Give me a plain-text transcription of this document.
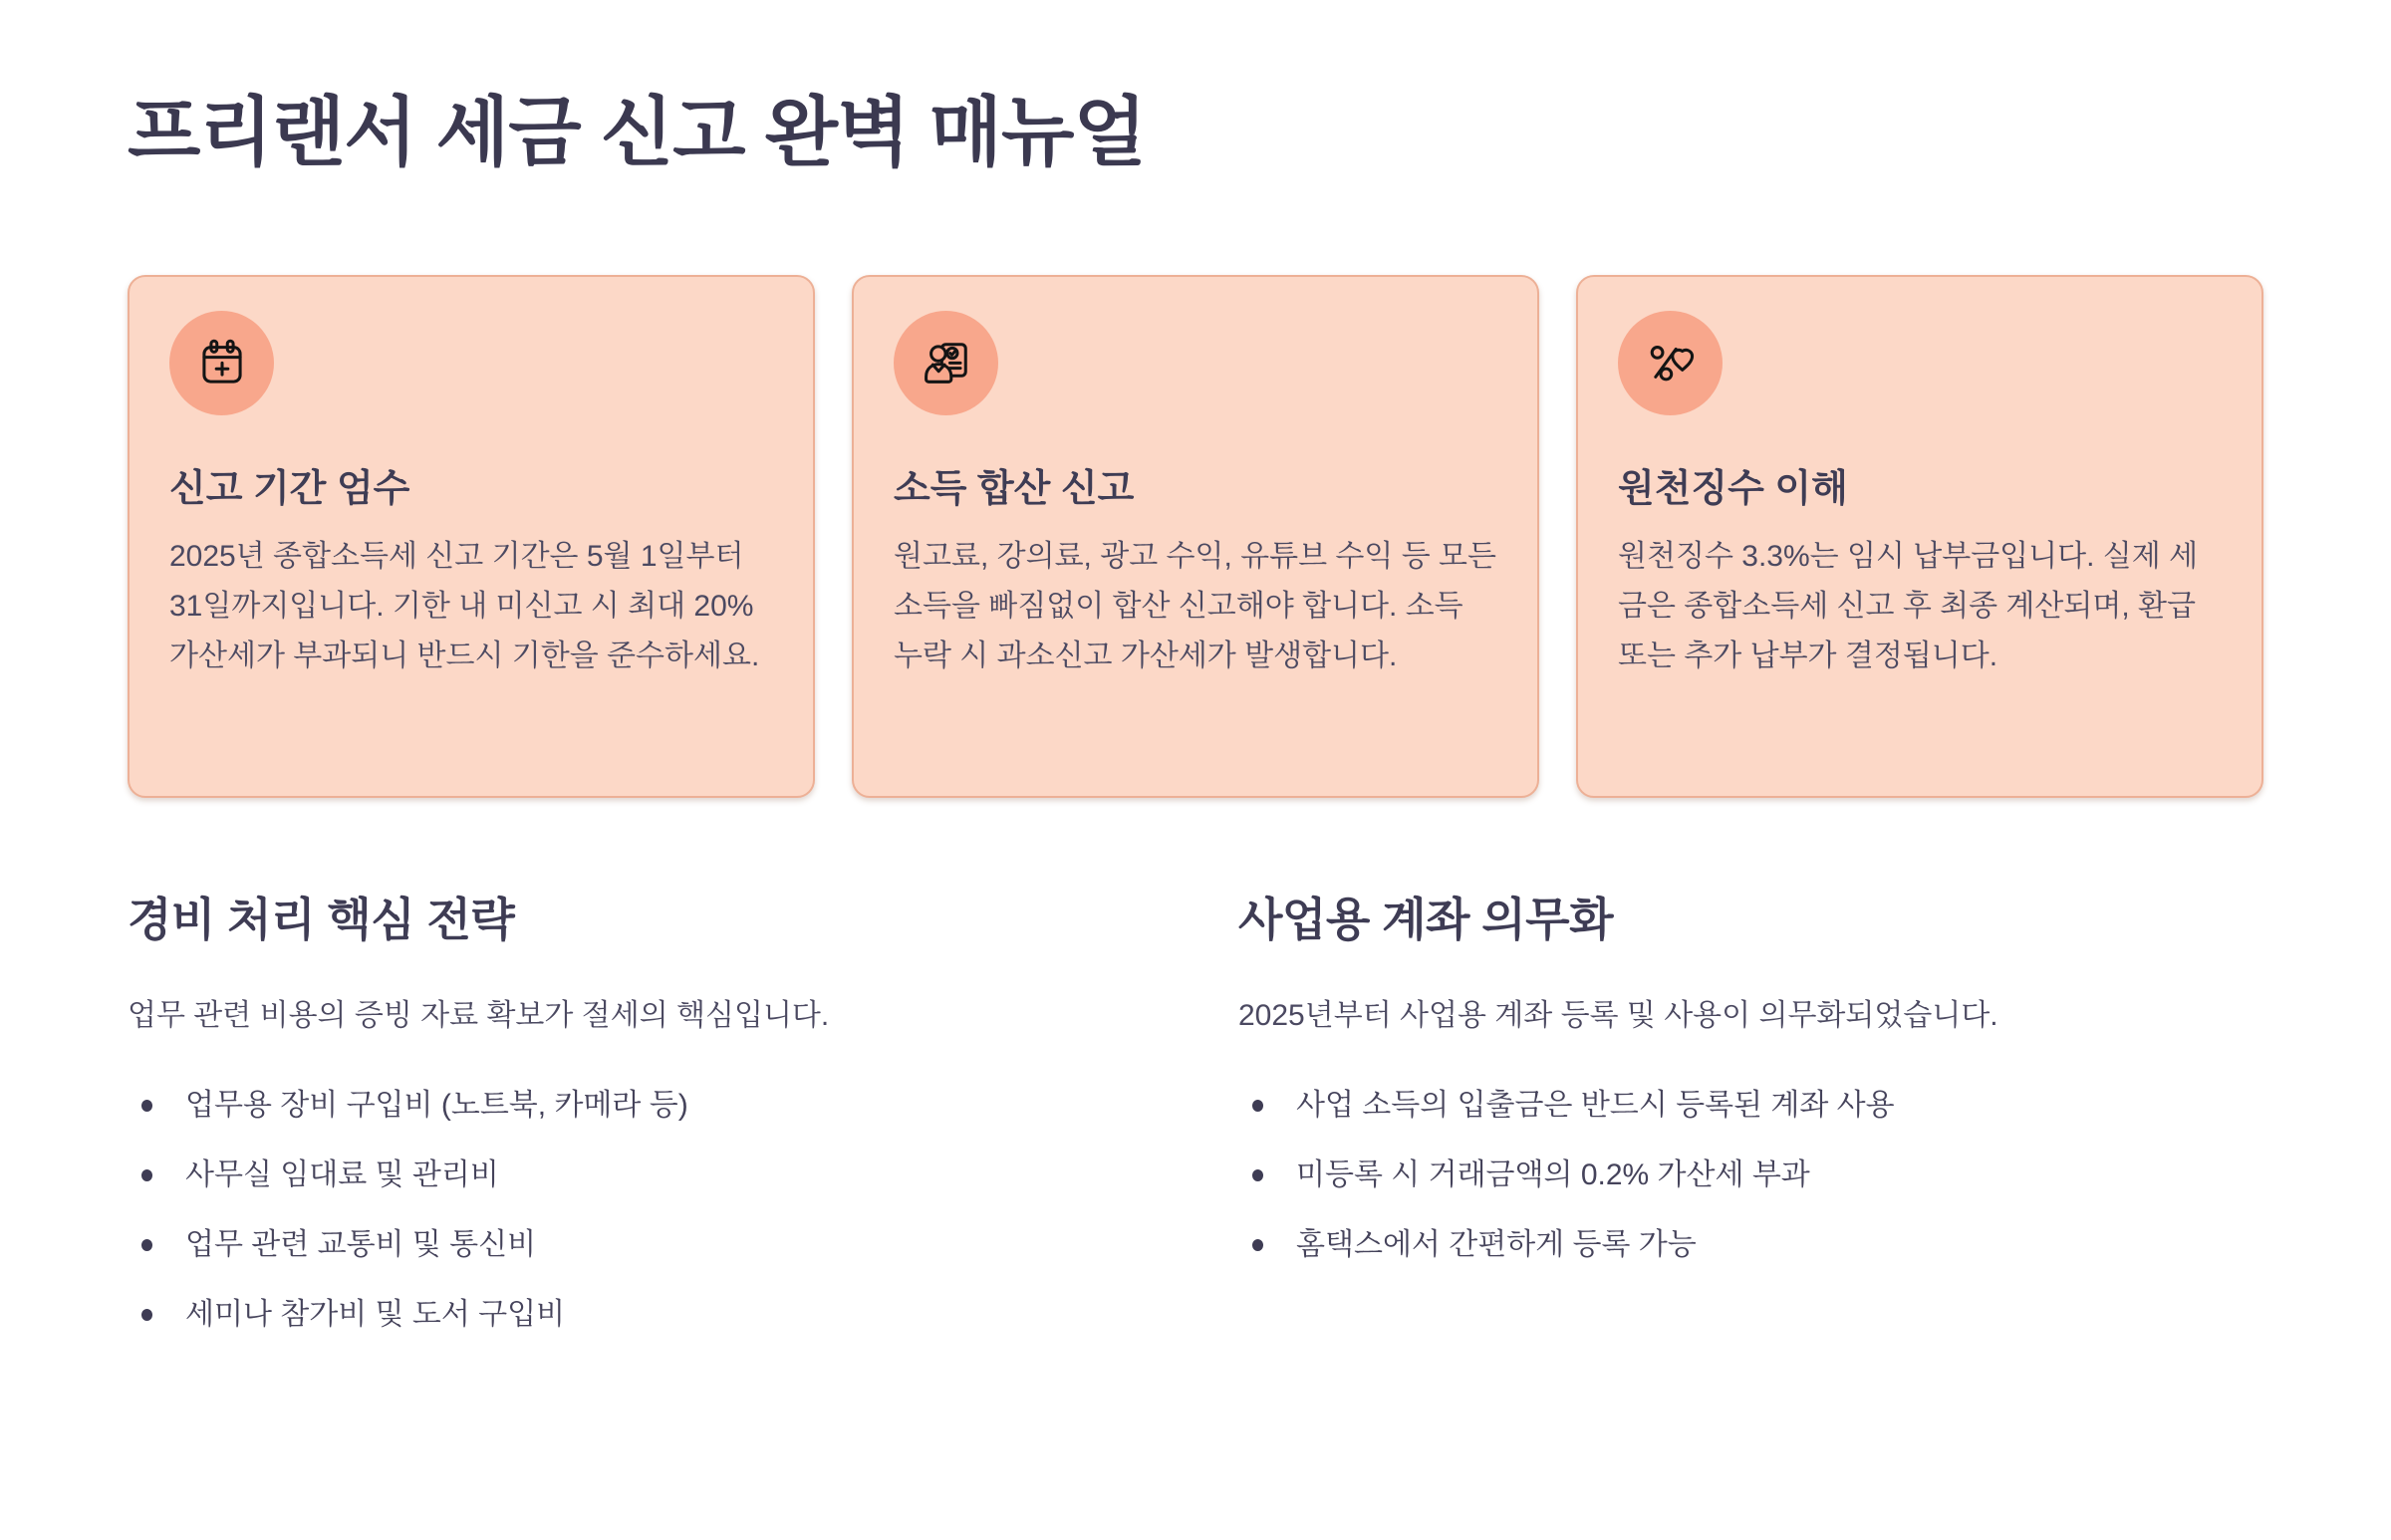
프리랜서 세금 신고 완벽 매뉴얼
신고 기간 엄수

2025년 종합소득세 신고 기간은 5월 1일부터 31일까지입니다. 기한 내 미신고 시 최대 20% 가산세가 부과되니 반드시 기한을 준수하세요.

소득 합산 신고

원고료, 강의료, 광고 수익, 유튜브 수익 등 모든 소득을 빠짐없이 합산 신고해야 합니다. 소득 누락 시 과소신고 가산세가 발생합니다.

원천징수 이해

원천징수 3.3%는 임시 납부금입니다. 실제 세금은 종합소득세 신고 후 최종 계산되며, 환급 또는 추가 납부가 결정됩니다.

경비 처리 핵심 전략

업무 관련 비용의 증빙 자료 확보가 절세의 핵심입니다.

업무용 장비 구입비 (노트북, 카메라 등)
사무실 임대료 및 관리비
업무 관련 교통비 및 통신비
세미나 참가비 및 도서 구입비
사업용 계좌 의무화

2025년부터 사업용 계좌 등록 및 사용이 의무화되었습니다.

사업 소득의 입출금은 반드시 등록된 계좌 사용
미등록 시 거래금액의 0.2% 가산세 부과
홈택스에서 간편하게 등록 가능
